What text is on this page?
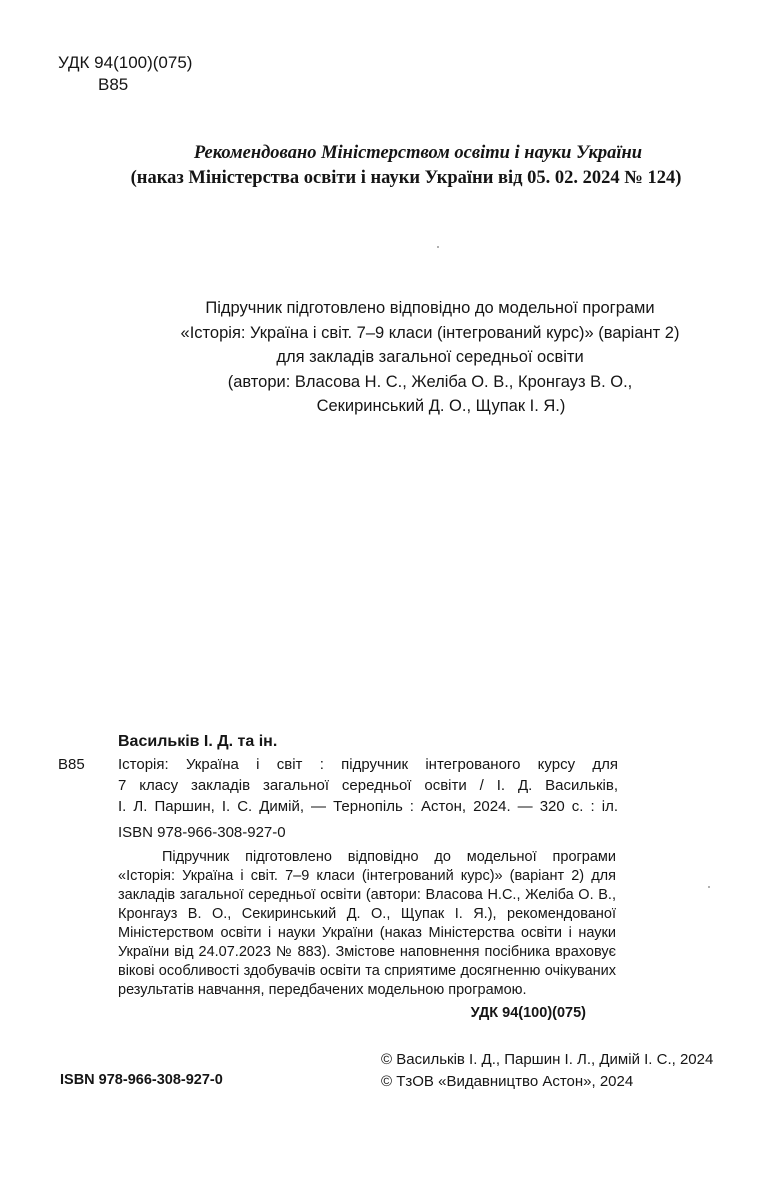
УДК 94(100)(075)
В85
Рекомендовано Міністерством освіти і науки України
(наказ Міністерства освіти і науки України від 05. 02. 2024 № 124)
Підручник підготовлено відповідно до модельної програми
«Історія: Україна і світ. 7–9 класи (інтегрований курс)» (варіант 2)
для закладів загальної середньої освіти
(автори: Власова Н. С., Желіба О. В., Кронгауз В. О.,
Секиринський Д. О., Щупак І. Я.)
Васильків І. Д. та ін.
В85	Історія: Україна і світ : підручник інтегрованого курсу для
7 класу закладів загальної середньої освіти / І. Д. Васильків,
І. Л. Паршин, І. С. Димій, — Тернопіль : Астон, 2024. — 320 с. : іл.
ISBN 978-966-308-927-0
Підручник підготовлено відповідно до модельної програми «Історія: Україна і світ. 7–9 класи (інтегрований курс)» (варіант 2) для закладів загальної середньої освіти (автори: Власова Н.С., Желіба О. В., Кронгауз В. О., Секиринський Д. О., Щупак І. Я.), рекомендованої Міністерством освіти і науки України (наказ Міністерства освіти і науки України від 24.07.2023 № 883). Змістове наповнення посібника враховує вікові особливості здобувачів освіти та сприятиме досягненню очікуваних результатів навчання, передбачених модельною програмою.
УДК 94(100)(075)
© Васильків І. Д., Паршин І. Л., Димій І. С., 2024
© ТзОВ «Видавництво Астон», 2024
ISBN 978-966-308-927-0
